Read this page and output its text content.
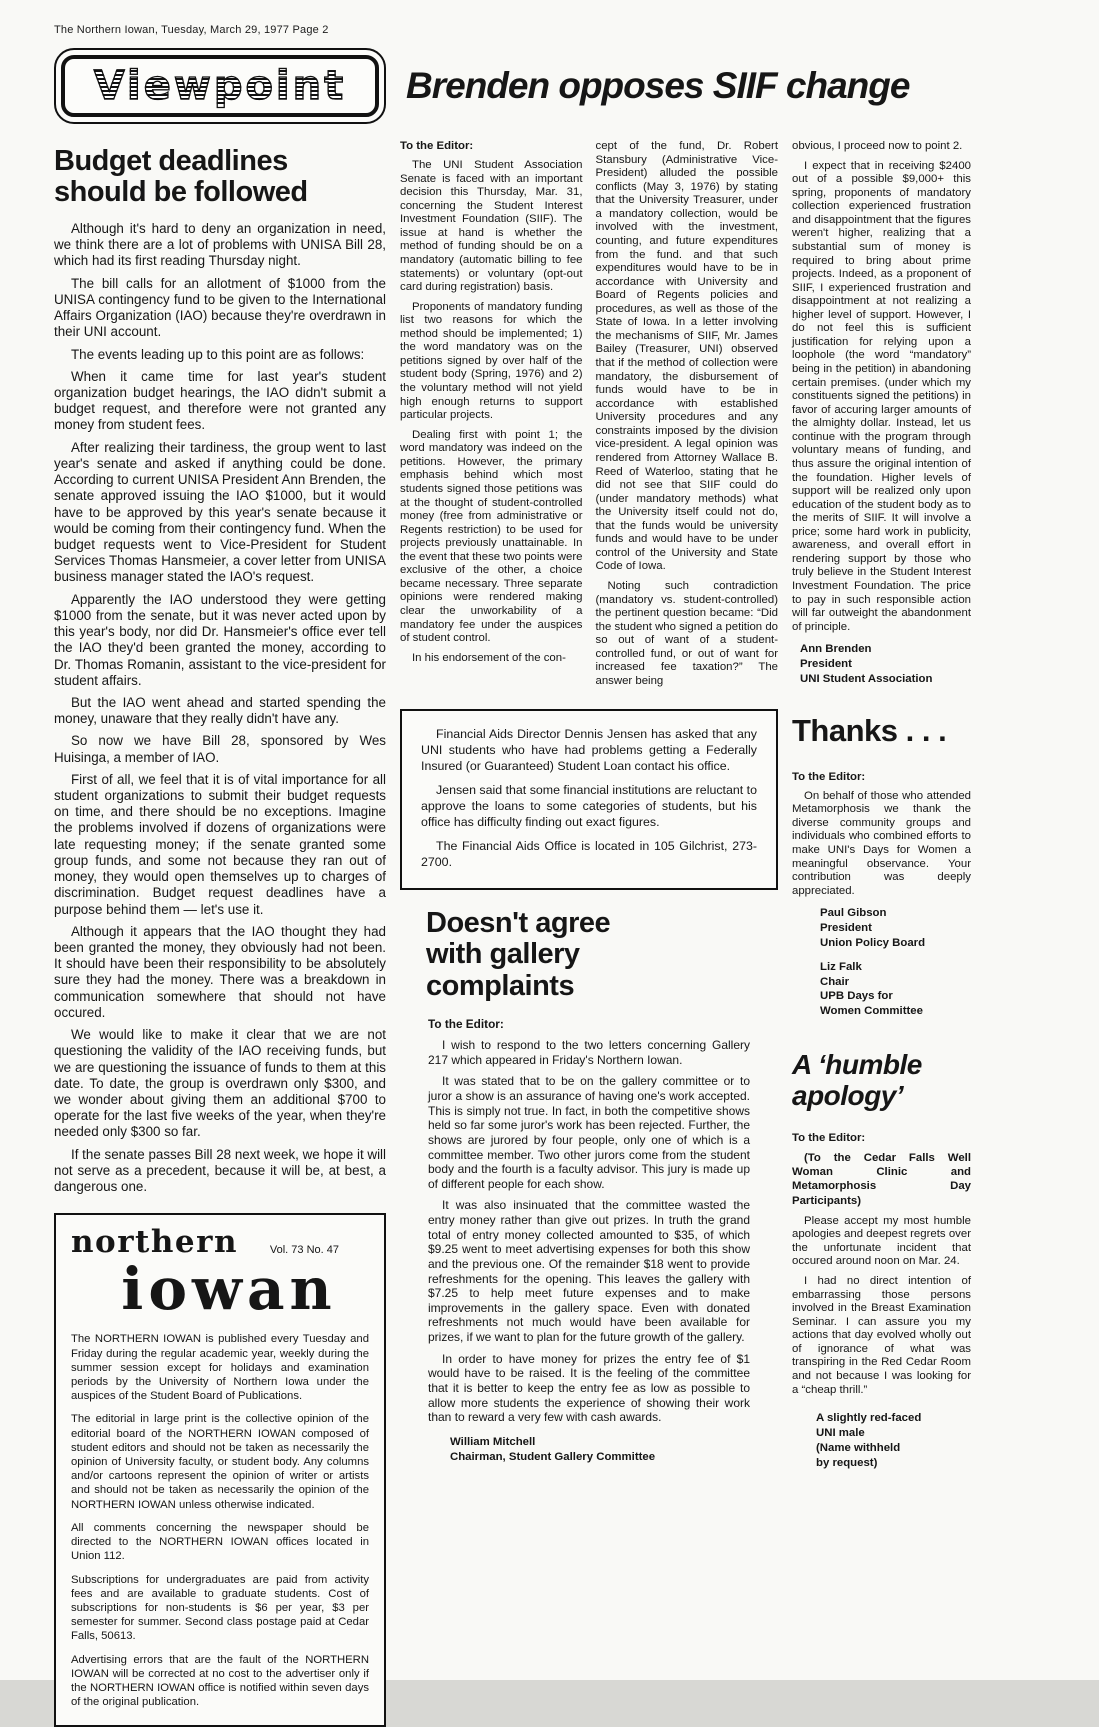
The Northern Iowan, Tuesday, March 29, 1977 Page 2
Viewpoint Brenden opposes SIIF change
Budget deadlines should be followed

Although it's hard to deny an organization in need, we think there are a lot of problems with UNISA Bill 28, which had its first reading Thursday night.

The bill calls for an allotment of $1000 from the UNISA contingency fund to be given to the International Affairs Organization (IAO) because they're overdrawn in their UNI account.

The events leading up to this point are as follows:

When it came time for last year's student organization budget hearings, the IAO didn't submit a budget request, and therefore were not granted any money from student fees.

After realizing their tardiness, the group went to last year's senate and asked if anything could be done. According to current UNISA President Ann Brenden, the senate approved issuing the IAO $1000, but it would have to be approved by this year's senate because it would be coming from their contingency fund. When the budget requests went to Vice-President for Student Services Thomas Hansmeier, a cover letter from UNISA business manager stated the IAO's request.

Apparently the IAO understood they were getting $1000 from the senate, but it was never acted upon by this year's body, nor did Dr. Hansmeier's office ever tell the IAO they'd been granted the money, according to Dr. Thomas Romanin, assistant to the vice-president for student affairs.

But the IAO went ahead and started spending the money, unaware that they really didn't have any.

So now we have Bill 28, sponsored by Wes Huisinga, a member of IAO.

First of all, we feel that it is of vital importance for all student organizations to submit their budget requests on time, and there should be no exceptions. Imagine the problems involved if dozens of organizations were late requesting money; if the senate granted some group funds, and some not because they ran out of money, they would open themselves up to charges of discrimination. Budget request deadlines have a purpose behind them — let's use it.

Although it appears that the IAO thought they had been granted the money, they obviously had not been. It should have been their responsibility to be absolutely sure they had the money. There was a breakdown in communication somewhere that should not have occured.

We would like to make it clear that we are not questioning the validity of the IAO receiving funds, but we are questioning the issuance of funds to them at this date. To date, the group is overdrawn only $300, and we wonder about giving them an additional $700 to operate for the last five weeks of the year, when they're needed only $300 so far.

If the senate passes Bill 28 next week, we hope it will not serve as a precedent, because it will be, at best, a dangerous one.

northern	Vol. 73 No. 47
iowan

The NORTHERN IOWAN is published every Tuesday and Friday during the regular academic year, weekly during the summer session except for holidays and examination periods by the University of Northern Iowa under the auspices of the Student Board of Publications.

The editorial in large print is the collective opinion of the editorial board of the NORTHERN IOWAN composed of student editors and should not be taken as necessarily the opinion of University faculty, or student body. Any columns and/or cartoons represent the opinion of writer or artists and should not be taken as necessarily the opinion of the NORTHERN IOWAN unless otherwise indicated.

All comments concerning the newspaper should be directed to the NORTHERN IOWAN offices located in Union 112.

Subscriptions for undergraduates are paid from activity fees and are available to graduate students. Cost of subscriptions for non-students is $6 per year, $3 per semester for summer. Second class postage paid at Cedar Falls, 50613.

Advertising errors that are the fault of the NORTHERN IOWAN will be corrected at no cost to the advertiser only if the NORTHERN IOWAN office is notified within seven days of the original publication.

To the Editor:

The UNI Student Association Senate is faced with an important decision this Thursday, Mar. 31, concerning the Student Interest Investment Foundation (SIIF). The issue at hand is whether the method of funding should be on a mandatory (automatic billing to fee statements) or voluntary (opt-out card during registration) basis.

Proponents of mandatory funding list two reasons for which the method should be implemented; 1) the word mandatory was on the petitions signed by over half of the student body (Spring, 1976) and 2) the voluntary method will not yield high enough returns to support particular projects.

Dealing first with point 1; the word mandatory was indeed on the petitions. However, the primary emphasis behind which most students signed those petitions was at the thought of student-controlled money (free from administrative or Regents restriction) to be used for projects previously unattainable. In the event that these two points were exclusive of the other, a choice became necessary. Three separate opinions were rendered making clear the unworkability of a mandatory fee under the auspices of student control.

In his endorsement of the con-

cept of the fund, Dr. Robert Stansbury (Administrative Vice-President) alluded the possible conflicts (May 3, 1976) by stating that the University Treasurer, under a mandatory collection, would be involved with the investment, counting, and future expenditures from the fund. and that such expenditures would have to be in accordance with University and Board of Regents policies and procedures, as well as those of the State of Iowa. In a letter involving the mechanisms of SIIF, Mr. James Bailey (Treasurer, UNI) observed that if the method of collection were mandatory, the disbursement of funds would have to be in accordance with established University procedures and any constraints imposed by the division vice-president. A legal opinion was rendered from Attorney Wallace B. Reed of Waterloo, stating that he did not see that SIIF could do (under mandatory methods) what the University itself could not do, that the funds would be university funds and would have to be under control of the University and State Code of Iowa.

Noting such contradiction (mandatory vs. student-controlled) the pertinent question became: “Did the student who signed a petition do so out of want of a student-controlled fund, or out of want for increased fee taxation?” The answer being

Financial Aids Director Dennis Jensen has asked that any UNI students who have had problems getting a Federally Insured (or Guaranteed) Student Loan contact his office.

Jensen said that some financial institutions are reluctant to approve the loans to some categories of students, but his office has difficulty finding out exact figures.

The Financial Aids Office is located in 105 Gilchrist, 273-2700.

Doesn't agree with gallery complaints
To the Editor:

I wish to respond to the two letters concerning Gallery 217 which appeared in Friday's Northern Iowan.

It was stated that to be on the gallery committee or to juror a show is an assurance of having one's work accepted. This is simply not true. In fact, in both the competitive shows held so far some juror's work has been rejected. Further, the shows are jurored by four people, only one of which is a committee member. Two other jurors come from the student body and the fourth is a faculty advisor. This jury is made up of different people for each show.

It was also insinuated that the committee wasted the entry money rather than give out prizes. In truth the grand total of entry money collected amounted to $35, of which $9.25 went to meet advertising expenses for both this show and the previous one. Of the remainder $18 went to provide refreshments for the opening. This leaves the gallery with $7.25 to help meet future expenses and to make improvements in the gallery space. Even with donated refreshments not much would have been available for prizes, if we want to plan for the future growth of the gallery.

In order to have money for prizes the entry fee of $1 would have to be raised. It is the feeling of the committee that it is better to keep the entry fee as low as possible to allow more students the experience of showing their work than to reward a very few with cash awards.

William Mitchell

Chairman, Student Gallery Committee

obvious, I proceed now to point 2.

I expect that in receiving $2400 out of a possible $9,000+ this spring, proponents of mandatory collection experienced frustration and disappointment that the figures weren't higher, realizing that a substantial sum of money is required to bring about prime projects. Indeed, as a proponent of SIIF, I experienced frustration and disappointment at not realizing a higher level of support. However, I do not feel this is sufficient justification for relying upon a loophole (the word “mandatory” being in the petition) in abandoning certain premises. (under which my constituents signed the petitions) in favor of accuring larger amounts of the almighty dollar. Instead, let us continue with the program through voluntary means of funding, and thus assure the original intention of the foundation. Higher levels of support will be realized only upon education of the student body as to the merits of SIIF. It will involve a price; some hard work in publicity, awareness, and overall effort in rendering support by those who truly believe in the Student Interest Investment Foundation. The price to pay in such responsible action will far outweight the abandonment of principle.

Ann Brenden

President

UNI Student Association

Thanks . . .
To the Editor:

On behalf of those who attended Metamorphosis we thank the diverse community groups and individuals who combined efforts to make UNI's Days for Women a meaningful observance. Your contribution was deeply appreciated.

Paul Gibson

President

Union Policy Board

Liz Falk

Chair

UPB Days for

Women Committee

A ‘humble apology’
To the Editor:
(To the Cedar Falls Well Woman Clinic and Metamorphosis Day Participants)

Please accept my most humble apologies and deepest regrets over the unfortunate incident that occured around noon on Mar. 24.

I had no direct intention of embarrassing those persons involved in the Breast Examination Seminar. I can assure you my actions that day evolved wholly out of ignorance of what was transpiring in the Red Cedar Room and not because I was looking for a “cheap thrill.”

A slightly red-faced

UNI male

(Name withheld

by request)
